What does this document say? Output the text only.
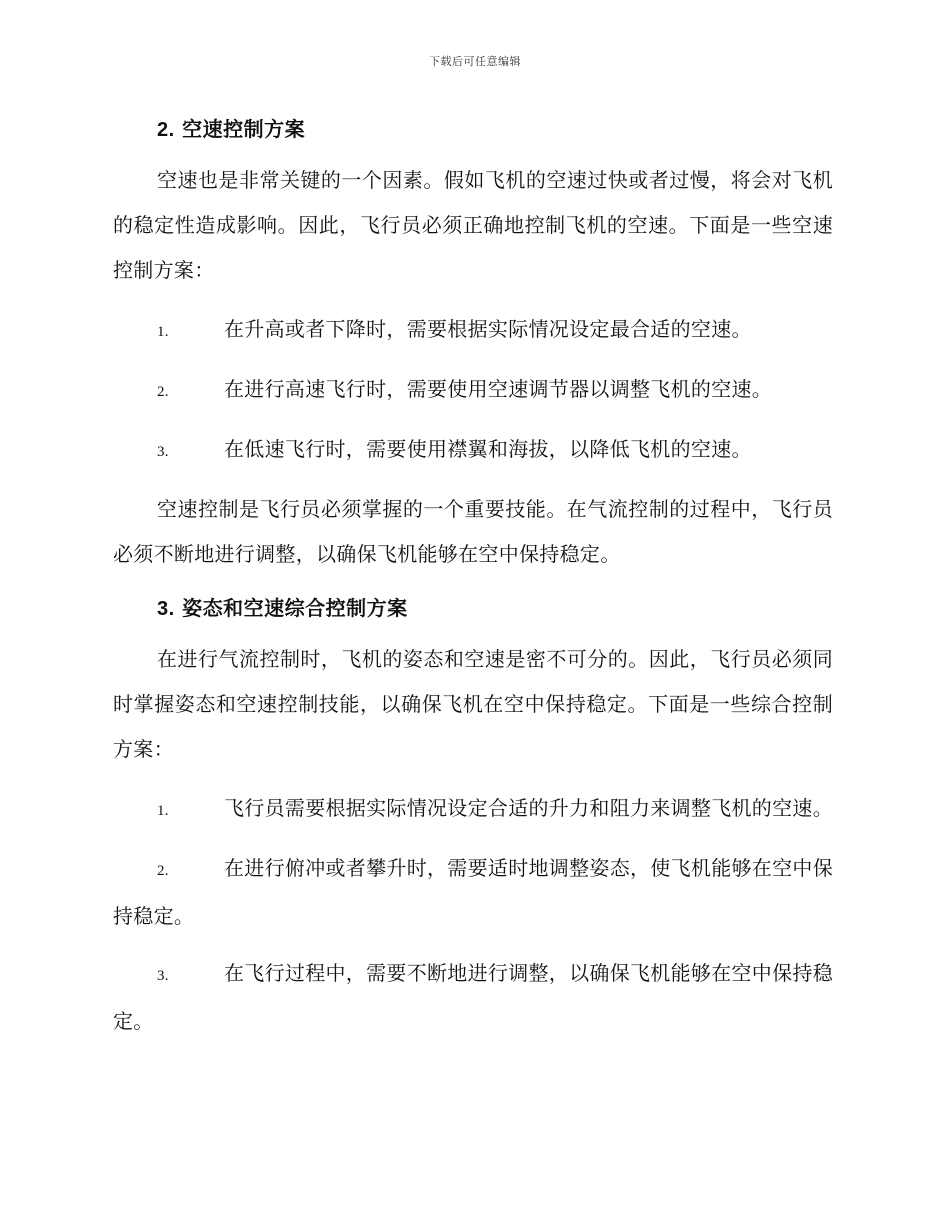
下载后可任意编辑
2. 空速控制方案

空速也是非常关键的一个因素。假如飞机的空速过快或者过慢，将会对飞机的稳定性造成影响。因此，飞行员必须正确地控制飞机的空速。下面是一些空速控制方案：

1.	在升高或者下降时，需要根据实际情况设定最合适的空速。

2.	在进行高速飞行时，需要使用空速调节器以调整飞机的空速。

3.	在低速飞行时，需要使用襟翼和海拔，以降低飞机的空速。

空速控制是飞行员必须掌握的一个重要技能。在气流控制的过程中，飞行员必须不断地进行调整，以确保飞机能够在空中保持稳定。

3. 姿态和空速综合控制方案

在进行气流控制时，飞机的姿态和空速是密不可分的。因此，飞行员必须同时掌握姿态和空速控制技能，以确保飞机在空中保持稳定。下面是一些综合控制方案：

1.	飞行员需要根据实际情况设定合适的升力和阻力来调整飞机的空速。

2.	在进行俯冲或者攀升时，需要适时地调整姿态，使飞机能够在空中保持稳定。

3.	在飞行过程中，需要不断地进行调整，以确保飞机能够在空中保持稳定。
